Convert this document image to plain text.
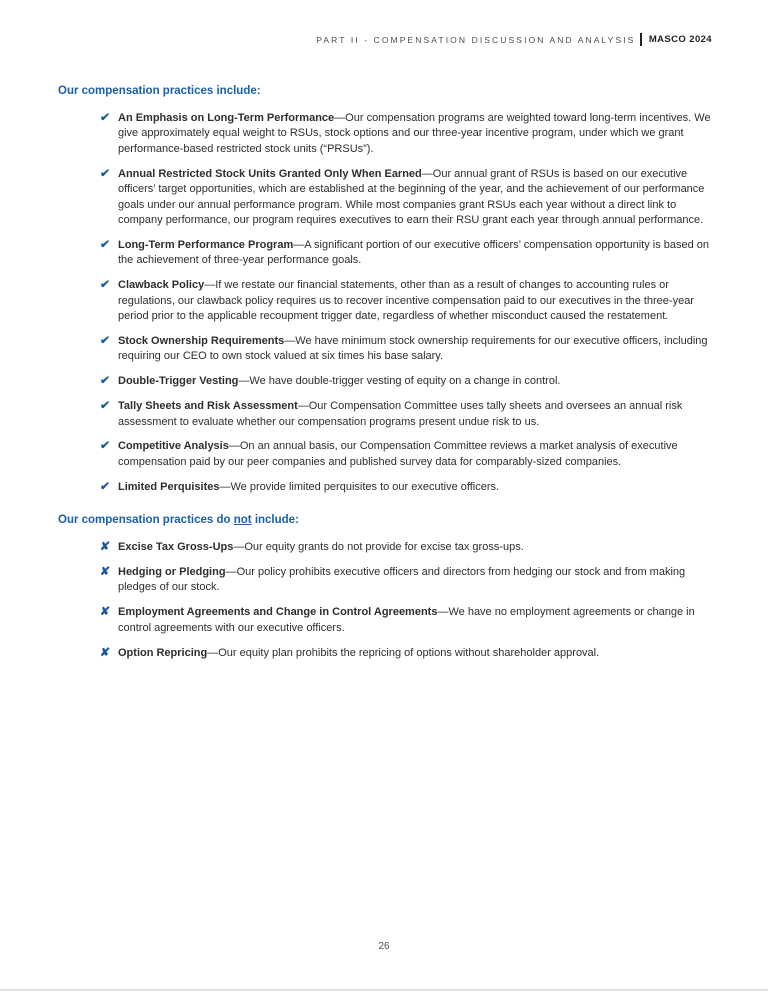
PART II - COMPENSATION DISCUSSION AND ANALYSIS MASCO 2024

Our compensation practices include:

✔ An Emphasis on Long-Term Performance—Our compensation programs are weighted toward long-term incentives. We give approximately equal weight to RSUs, stock options and our three-year incentive program, under which we grant performance-based restricted stock units (“PRSUs”).
✔ Annual Restricted Stock Units Granted Only When Earned—Our annual grant of RSUs is based on our executive officers’ target opportunities, which are established at the beginning of the year, and the achievement of our performance goals under our annual performance program. While most companies grant RSUs each year without a direct link to company performance, our program requires executives to earn their RSU grant each year through annual performance.
✔ Long-Term Performance Program—A significant portion of our executive officers’ compensation opportunity is based on the achievement of three-year performance goals.
✔ Clawback Policy—If we restate our financial statements, other than as a result of changes to accounting rules or regulations, our clawback policy requires us to recover incentive compensation paid to our executives in the three-year period prior to the applicable recoupment trigger date, regardless of whether misconduct caused the restatement.
✔ Stock Ownership Requirements—We have minimum stock ownership requirements for our executive officers, including requiring our CEO to own stock valued at six times his base salary.
✔ Double-Trigger Vesting—We have double-trigger vesting of equity on a change in control.
✔ Tally Sheets and Risk Assessment—Our Compensation Committee uses tally sheets and oversees an annual risk assessment to evaluate whether our compensation programs present undue risk to us.
✔ Competitive Analysis—On an annual basis, our Compensation Committee reviews a market analysis of executive compensation paid by our peer companies and published survey data for comparably-sized companies.
✔ Limited Perquisites—We provide limited perquisites to our executive officers.

Our compensation practices do not include:

✘ Excise Tax Gross-Ups—Our equity grants do not provide for excise tax gross-ups.
✘ Hedging or Pledging—Our policy prohibits executive officers and directors from hedging our stock and from making pledges of our stock.
✘ Employment Agreements and Change in Control Agreements—We have no employment agreements or change in control agreements with our executive officers.
✘ Option Repricing—Our equity plan prohibits the repricing of options without shareholder approval.
26
